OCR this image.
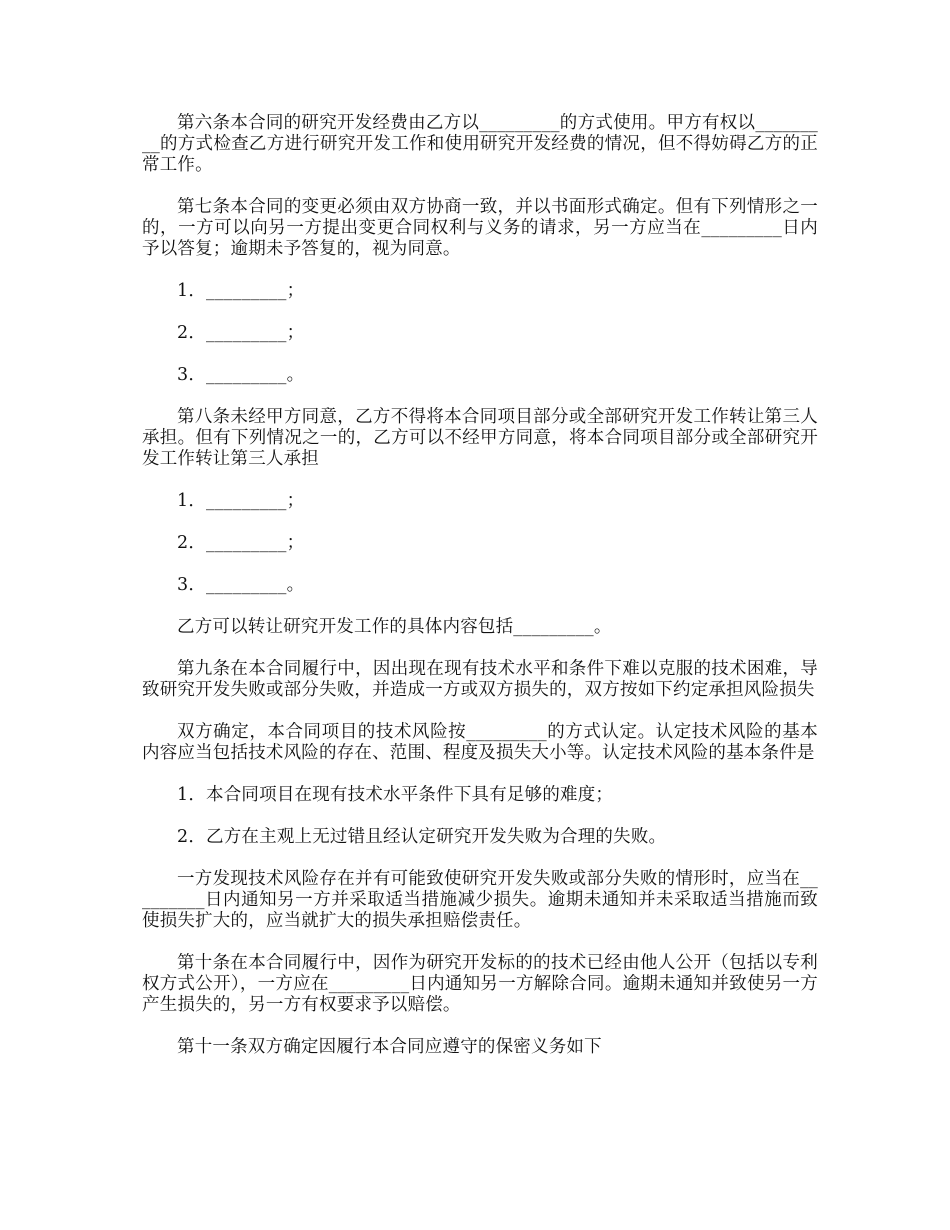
第六条本合同的研究开发经费由乙方以_________的方式使用。甲方有权以_________的方式检查乙方进行研究开发工作和使用研究开发经费的情况，但不得妨碍乙方的正常工作。

第七条本合同的变更必须由双方协商一致，并以书面形式确定。但有下列情形之一的，一方可以向另一方提出变更合同权利与义务的请求，另一方应当在_________日内予以答复；逾期未予答复的，视为同意。

1．_________；

2．_________；

3．_________。

第八条未经甲方同意，乙方不得将本合同项目部分或全部研究开发工作转让第三人承担。但有下列情况之一的，乙方可以不经甲方同意，将本合同项目部分或全部研究开发工作转让第三人承担

1．_________；

2．_________；

3．_________。

乙方可以转让研究开发工作的具体内容包括_________。

第九条在本合同履行中，因出现在现有技术水平和条件下难以克服的技术困难，导致研究开发失败或部分失败，并造成一方或双方损失的，双方按如下约定承担风险损失

双方确定，本合同项目的技术风险按_________的方式认定。认定技术风险的基本内容应当包括技术风险的存在、范围、程度及损失大小等。认定技术风险的基本条件是

1．本合同项目在现有技术水平条件下具有足够的难度；

2．乙方在主观上无过错且经认定研究开发失败为合理的失败。

一方发现技术风险存在并有可能致使研究开发失败或部分失败的情形时，应当在_________日内通知另一方并采取适当措施减少损失。逾期未通知并未采取适当措施而致使损失扩大的，应当就扩大的损失承担赔偿责任。

第十条在本合同履行中，因作为研究开发标的的技术已经由他人公开（包括以专利权方式公开），一方应在_________日内通知另一方解除合同。逾期未通知并致使另一方产生损失的，另一方有权要求予以赔偿。

第十一条双方确定因履行本合同应遵守的保密义务如下
